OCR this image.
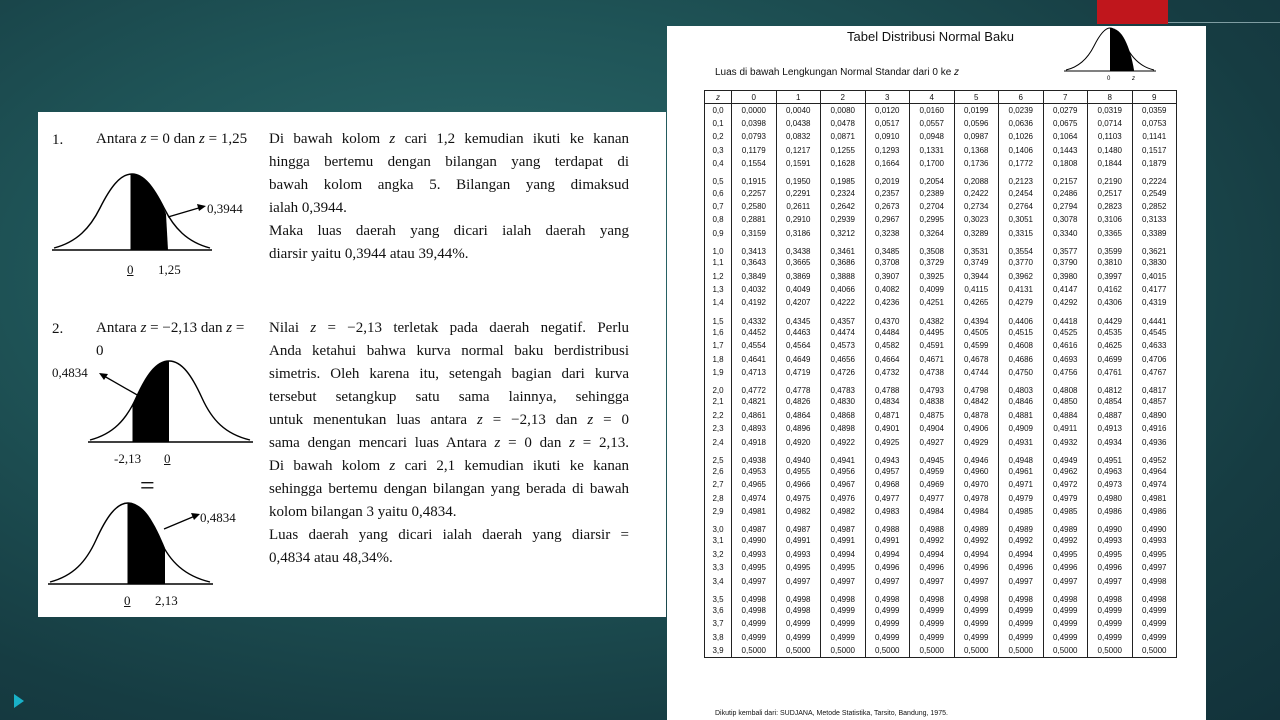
1. Antara z = 0 dan z = 1,25	Di bawah kolom z cari 1,2 kemudian ikuti ke kanan

hingga bertemu dengan bilangan yang terdapat di

bawah kolom angka 5. Bilangan yang dimaksud

ialah 0,3944.

Maka luas daerah yang dicari ialah daerah yang

diarsir yaitu 0,3944 atau 39,44%.

0,3944
0 1,25
2. Antara z = −2,13 dan z = 0

Nilai z = −2,13 terletak pada daerah negatif. Perlu

Anda ketahui bahwa kurva normal baku berdistribusi

simetris. Oleh karena itu, setengah bagian dari kurva

tersebut setangkup satu sama lainnya, sehingga

untuk menentukan luas antara z = −2,13 dan z = 0

sama dengan mencari luas Antara z = 0 dan z = 2,13.

Di bawah kolom z cari 2,1 kemudian ikuti ke kanan

sehingga bertemu dengan bilangan yang berada di bawah

kolom bilangan 3 yaitu 0,4834.

Luas daerah yang dicari ialah daerah yang diarsir =

0,4834 atau 48,34%.

0,4834
-2,13 0
=
0,4834
0 2,13
Tabel Distribusi Normal Baku
Luas di bawah Lengkungan Normal Standar dari 0 ke z
0	z
z	0	1	2	3	4	5	6	7	8	9
0,0	0,0000	0,0040	0,0080	0,0120	0,0160	0,0199	0,0239	0,0279	0,0319	0,0359
0,1	0,0398	0,0438	0,0478	0,0517	0,0557	0,0596	0,0636	0,0675	0,0714	0,0753
0,2	0,0793	0,0832	0,0871	0,0910	0,0948	0,0987	0,1026	0,1064	0,1103	0,1141
0,3	0,1179	0,1217	0,1255	0,1293	0,1331	0,1368	0,1406	0,1443	0,1480	0,1517
0,4	0,1554	0,1591	0,1628	0,1664	0,1700	0,1736	0,1772	0,1808	0,1844	0,1879
0,5	0,1915	0,1950	0,1985	0,2019	0,2054	0,2088	0,2123	0,2157	0,2190	0,2224
0,6	0,2257	0,2291	0,2324	0,2357	0,2389	0,2422	0,2454	0,2486	0,2517	0,2549
0,7	0,2580	0,2611	0,2642	0,2673	0,2704	0,2734	0,2764	0,2794	0,2823	0,2852
0,8	0,2881	0,2910	0,2939	0,2967	0,2995	0,3023	0,3051	0,3078	0,3106	0,3133
0,9	0,3159	0,3186	0,3212	0,3238	0,3264	0,3289	0,3315	0,3340	0,3365	0,3389
1,0	0,3413	0,3438	0,3461	0,3485	0,3508	0,3531	0,3554	0,3577	0,3599	0,3621
1,1	0,3643	0,3665	0,3686	0,3708	0,3729	0,3749	0,3770	0,3790	0,3810	0,3830
1,2	0,3849	0,3869	0,3888	0,3907	0,3925	0,3944	0,3962	0,3980	0,3997	0,4015
1,3	0,4032	0,4049	0,4066	0,4082	0,4099	0,4115	0,4131	0,4147	0,4162	0,4177
1,4	0,4192	0,4207	0,4222	0,4236	0,4251	0,4265	0,4279	0,4292	0,4306	0,4319
1,5	0,4332	0,4345	0,4357	0,4370	0,4382	0,4394	0,4406	0,4418	0,4429	0,4441
1,6	0,4452	0,4463	0,4474	0,4484	0,4495	0,4505	0,4515	0,4525	0,4535	0,4545
1,7	0,4554	0,4564	0,4573	0,4582	0,4591	0,4599	0,4608	0,4616	0,4625	0,4633
1,8	0,4641	0,4649	0,4656	0,4664	0,4671	0,4678	0,4686	0,4693	0,4699	0,4706
1,9	0,4713	0,4719	0,4726	0,4732	0,4738	0,4744	0,4750	0,4756	0,4761	0,4767
2,0	0,4772	0,4778	0,4783	0,4788	0,4793	0,4798	0,4803	0,4808	0,4812	0,4817
2,1	0,4821	0,4826	0,4830	0,4834	0,4838	0,4842	0,4846	0,4850	0,4854	0,4857
2,2	0,4861	0,4864	0,4868	0,4871	0,4875	0,4878	0,4881	0,4884	0,4887	0,4890
2,3	0,4893	0,4896	0,4898	0,4901	0,4904	0,4906	0,4909	0,4911	0,4913	0,4916
2,4	0,4918	0,4920	0,4922	0,4925	0,4927	0,4929	0,4931	0,4932	0,4934	0,4936
2,5	0,4938	0,4940	0,4941	0,4943	0,4945	0,4946	0,4948	0,4949	0,4951	0,4952
2,6	0,4953	0,4955	0,4956	0,4957	0,4959	0,4960	0,4961	0,4962	0,4963	0,4964
2,7	0,4965	0,4966	0,4967	0,4968	0,4969	0,4970	0,4971	0,4972	0,4973	0,4974
2,8	0,4974	0,4975	0,4976	0,4977	0,4977	0,4978	0,4979	0,4979	0,4980	0,4981
2,9	0,4981	0,4982	0,4982	0,4983	0,4984	0,4984	0,4985	0,4985	0,4986	0,4986
3,0	0,4987	0,4987	0,4987	0,4988	0,4988	0,4989	0,4989	0,4989	0,4990	0,4990
3,1	0,4990	0,4991	0,4991	0,4991	0,4992	0,4992	0,4992	0,4992	0,4993	0,4993
3,2	0,4993	0,4993	0,4994	0,4994	0,4994	0,4994	0,4994	0,4995	0,4995	0,4995
3,3	0,4995	0,4995	0,4995	0,4996	0,4996	0,4996	0,4996	0,4996	0,4996	0,4997
3,4	0,4997	0,4997	0,4997	0,4997	0,4997	0,4997	0,4997	0,4997	0,4997	0,4998
3,5	0,4998	0,4998	0,4998	0,4998	0,4998	0,4998	0,4998	0,4998	0,4998	0,4998
3,6	0,4998	0,4998	0,4999	0,4999	0,4999	0,4999	0,4999	0,4999	0,4999	0,4999
3,7	0,4999	0,4999	0,4999	0,4999	0,4999	0,4999	0,4999	0,4999	0,4999	0,4999
3,8	0,4999	0,4999	0,4999	0,4999	0,4999	0,4999	0,4999	0,4999	0,4999	0,4999
3,9	0,5000	0,5000	0,5000	0,5000	0,5000	0,5000	0,5000	0,5000	0,5000	0,5000
Dikutip kembali dari: SUDJANA, Metode Statistika, Tarsito, Bandung, 1975.
